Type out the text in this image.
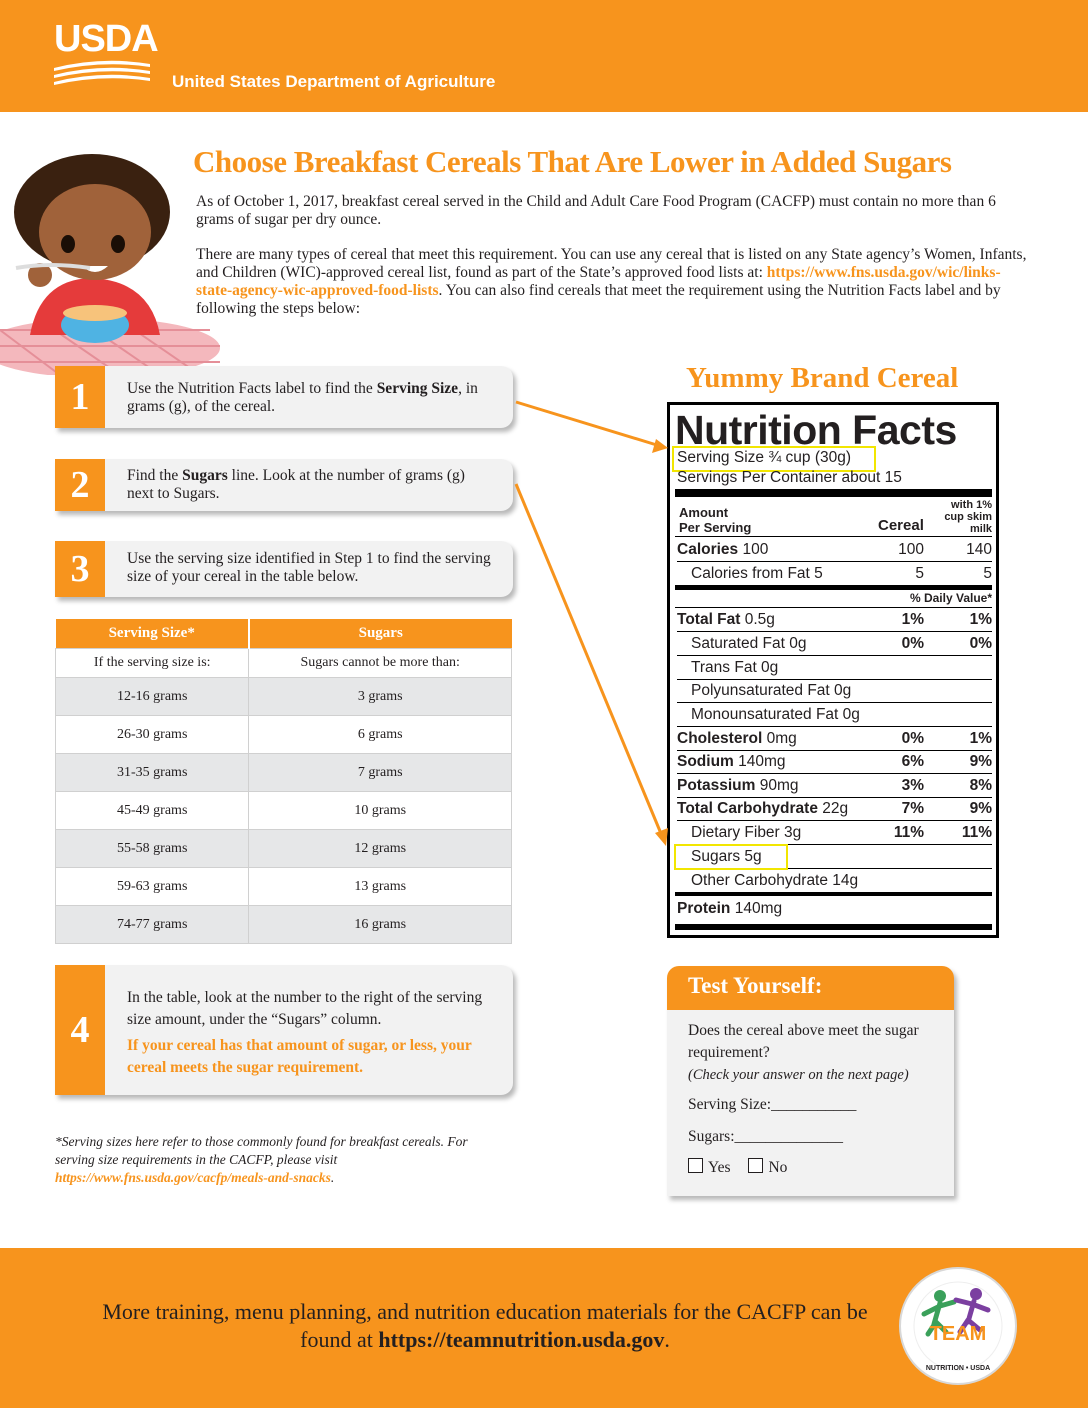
USDA
United States Department of Agriculture
Choose Breakfast Cereals That Are Lower in Added Sugars
As of October 1, 2017, breakfast cereal served in the Child and Adult Care Food Program (CACFP) must contain no more than 6 grams of sugar per dry ounce.
There are many types of cereal that meet this requirement. You can use any cereal that is listed on any State agency’s Women, Infants, and Children (WIC)-approved cereal list, found as part of the State’s approved food lists at: https://www.fns.usda.gov/wic/links-state-agency-wic-approved-food-lists. You can also find cereals that meet the requirement using the Nutrition Facts label and by following the steps below:
1	Use the Nutrition Facts label to find the Serving Size, in grams (g), of the cereal.
2	Find the Sugars line. Look at the number of grams (g) next to Sugars.
3	Use the serving size identified in Step 1 to find the serving size of your cereal in the table below.
Serving Size*	Sugars
If the serving size is:	Sugars cannot be more than:
12-16 grams	3 grams
26-30 grams	6 grams
31-35 grams	7 grams
45-49 grams	10 grams
55-58 grams	12 grams
59-63 grams	13 grams
74-77 grams	16 grams
4
In the table, look at the number to the right of the serving size amount, under the “Sugars” column.
If your cereal has that amount of sugar, or less, your cereal meets the sugar requirement.
*Serving sizes here refer to those commonly found for breakfast cereals. For serving size requirements in the CACFP, please visit https://www.fns.usda.gov/cacfp/meals-and-snacks.
Yummy Brand Cereal
Nutrition Facts
Serving Size ¾ cup (30g)
Servings Per Container about 15
Amount
Per Serving	Cereal
with 1%
cup skim
milk
Calories 100	100	140
Calories from Fat 5	5	5
% Daily Value*
Total Fat 0.5g	1%	1%
Saturated Fat 0g	0%	0%
Trans Fat 0g
Polyunsaturated Fat 0g
Monounsaturated Fat 0g
Cholesterol 0mg	0%	1%
Sodium 140mg	6%	9%
Potassium 90mg	3%	8%
Total Carbohydrate 22g	7%	9%
Dietary Fiber 3g	11% 11%
Sugars 5g
Other Carbohydrate 14g
Protein 140mg
Test Yourself:
Does the cereal above meet the sugar requirement?
(Check your answer on the next page)
Serving Size:___________
Sugars:______________
Yes No
More training, menu planning, and nutrition education materials for the CACFP can be found at https://teamnutrition.usda.gov.	TEAM
NUTRITION • USDA
